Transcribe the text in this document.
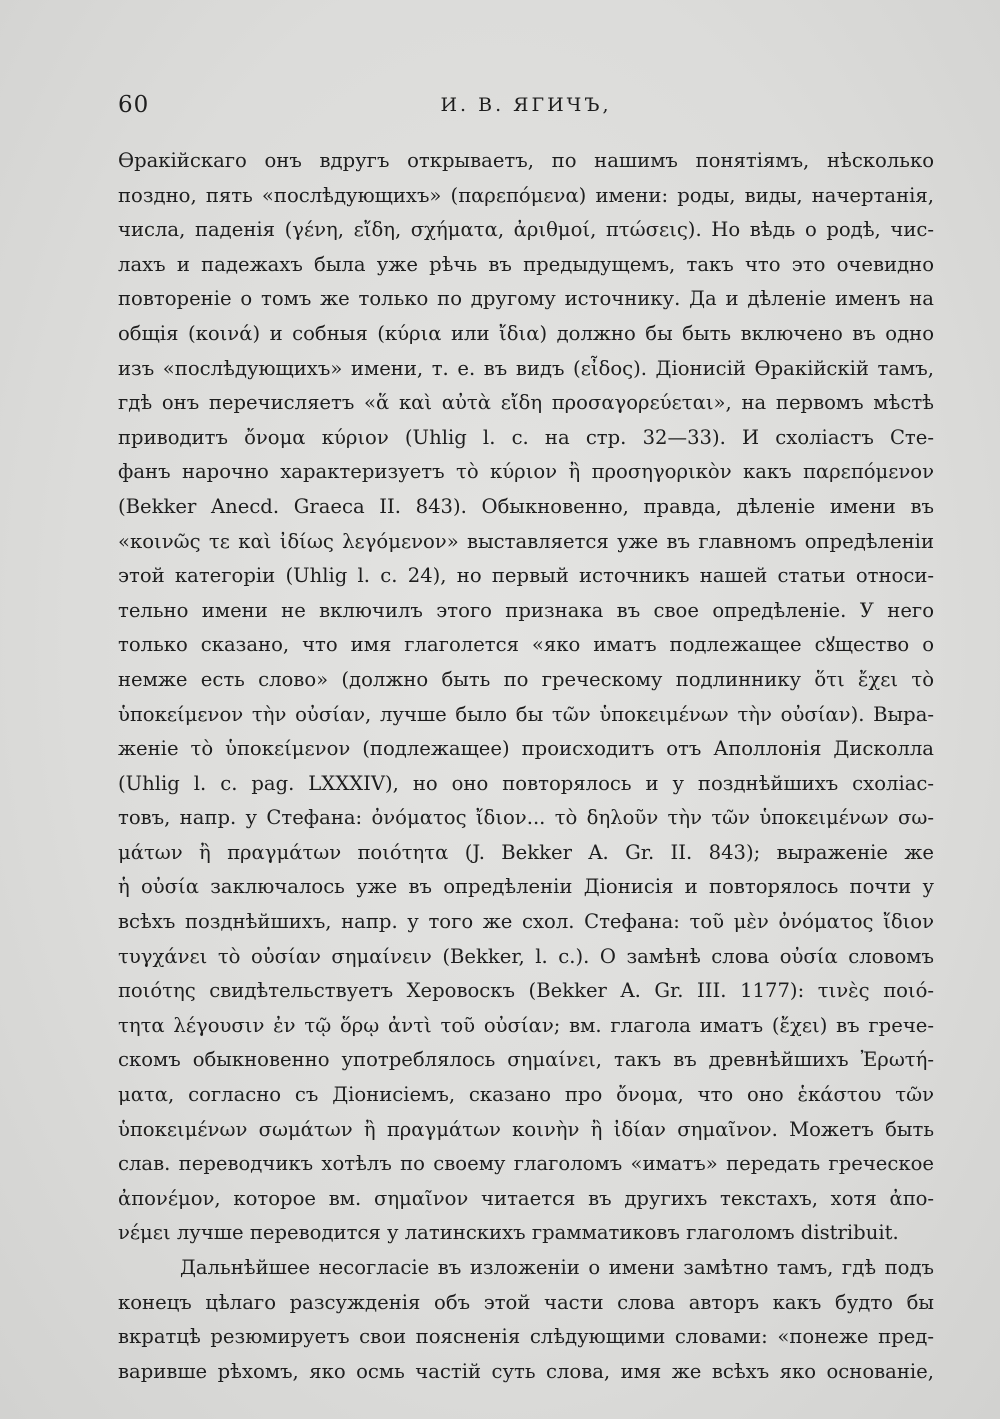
60	И. В. ЯГИЧЪ,
Өракійскаго онъ вдругъ открываетъ, по нашимъ понятіямъ, нѣсколько
поздно, пять «послѣдующихъ» (παρεπόμενα) имени: роды, виды, начертанія,
числа, паденія (γένη, εἴδη, σχήματα, ἀριθμοί, πτώσεις). Но вѣдь о родѣ, чис-
лахъ и падежахъ была уже рѣчь въ предыдущемъ, такъ что это очевидно
повтореніе о томъ же только по другому источнику. Да и дѣленіе именъ на
общія (κοινά) и собныя (κύρια или ἴδια) должно бы быть включено въ одно
изъ «послѣдующихъ» имени, т. е. въ видъ (εἶδος). Діонисій Өракійскій тамъ,
гдѣ онъ перечисляетъ «ἅ καὶ αὐτὰ εἴδη προσαγορεύεται», на первомъ мѣстѣ
приводитъ ὄνομα κύριον (Uhlig l. c. на стр. 32—33). И схоліастъ Сте-
фанъ нарочно характеризуетъ τὸ κύριον ἢ προσηγορικὸν какъ παρεπόμενον
(Bekker Anecd. Graeca II. 843). Обыкновенно, правда, дѣленіе имени въ
«κοινῶς τε καὶ ἰδίως λεγόμενον» выставляется уже въ главномъ опредѣленіи
этой категоріи (Uhlig l. c. 24), но первый источникъ нашей статьи относи-
тельно имени не включилъ этого признака въ свое опредѣленіе. У него
только сказано, что имя глаголется «яко иматъ подлежащее сꙋщество о
немже есть слово» (должно быть по греческому подлиннику ὅτι ἔχει τὸ
ὑποκείμενον τὴν οὐσίαν, лучше было бы τῶν ὑποκειμένων τὴν οὐσίαν). Выра-
женіе τὸ ὑποκείμενον (подлежащее) происходитъ отъ Аполлонія Дисколла
(Uhlig l. c. pag. LXXXIV), но оно повторялось и у позднѣйшихъ схоліас-
товъ, напр. у Стефана: ὀνόματος ἴδιον... τὸ δηλοῦν τὴν τῶν ὑποκειμένων σω-
μάτων ἢ πραγμάτων ποιότητα (J. Bekker A. Gr. II. 843); выраженіе же
ἡ οὐσία заключалось уже въ опредѣленіи Діонисія и повторялось почти у
всѣхъ позднѣйшихъ, напр. у того же схол. Стефана: τοῦ μὲν ὀνόματος ἴδιον
τυγχάνει τὸ οὐσίαν σημαίνειν (Bekker, l. c.). О замѣнѣ слова οὐσία словомъ
ποιότης свидѣтельствуетъ Херовоскъ (Bekker A. Gr. III. 1177): τινὲς ποιό-
τητα λέγουσιν ἐν τῷ ὅρῳ ἀντὶ τοῦ οὐσίαν; вм. глагола иматъ (ἔχει) въ грече-
скомъ обыкновенно употреблялось σημαίνει, такъ въ древнѣйшихъ Ἐρωτή-
ματα, согласно съ Діонисіемъ, сказано про ὄνομα, что оно ἑκάστου τῶν
ὑποκειμένων σωμάτων ἢ πραγμάτων κοινὴν ἢ ἰδίαν σημαῖνον. Можетъ быть
слав. переводчикъ хотѣлъ по своему глаголомъ «иматъ» передать греческое
ἀπονέμον, которое вм. σημαῖνον читается въ другихъ текстахъ, хотя ἀπο-
νέμει лучше переводится у латинскихъ грамматиковъ глаголомъ distribuit.
Дальнѣйшее несогласіе въ изложеніи о имени замѣтно тамъ, гдѣ подъ
конецъ цѣлаго разсужденія объ этой части слова авторъ какъ будто бы
вкратцѣ резюмируетъ свои поясненія слѣдующими словами: «понеже пред-
варивше рѣхомъ, яко осмь частій суть слова, имя же всѣхъ яко основаніе,
